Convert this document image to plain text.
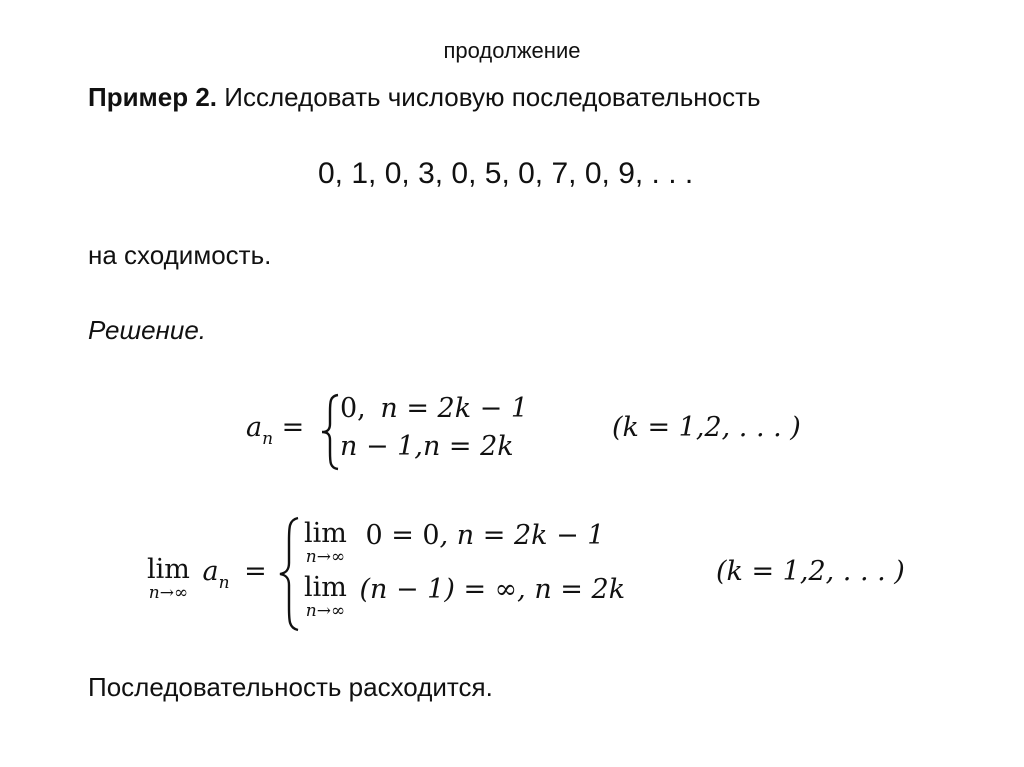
продолжение
Пример 2. Исследовать числовую последовательность
0, 1, 0, 3, 0, 5, 0, 7, 0, 9, . . .
на сходимость.
Решение.
$a_n$ =
0, n = 2k − 1
n − 1,n = 2k
(k = 1,2, . . . )
lim
n→∞
$a_n$ =
lim
n→∞
0 = 0, n = 2k − 1
lim
n→∞
(n − 1) = ∞, n = 2k
(k = 1,2, . . . )
Последовательность расходится.
